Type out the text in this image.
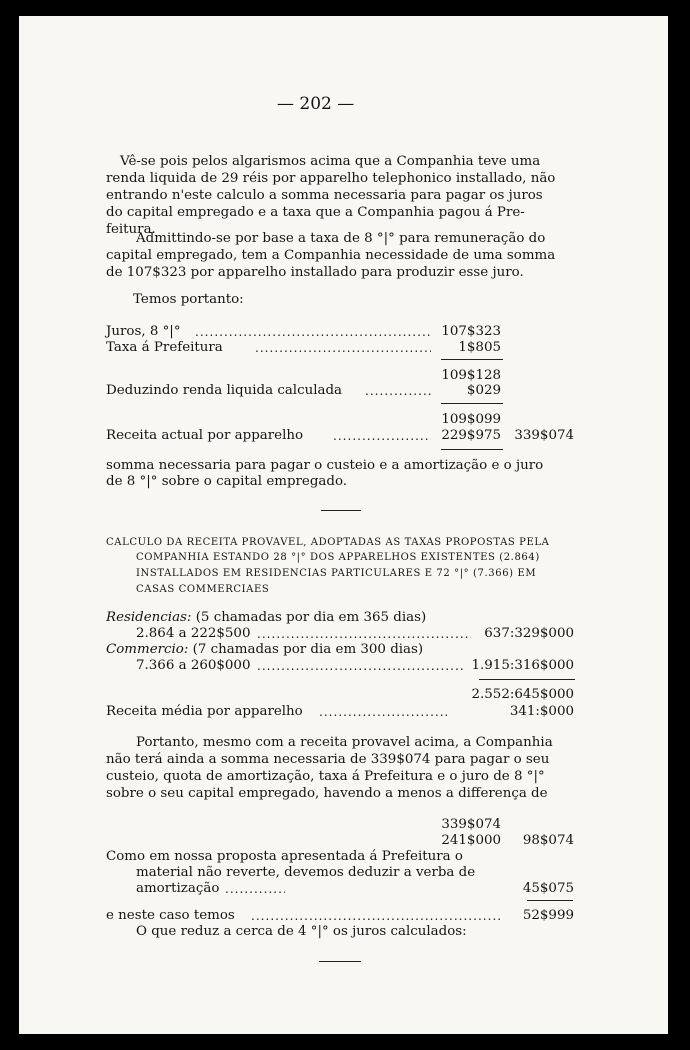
— 202 —
Vê-se pois pelos algarismos acima que a Companhia teve uma
renda liquida de 29 réis por apparelho telephonico installado, não
entrando n'este calculo a somma necessaria para pagar os juros
do capital empregado e a taxa que a Companhia pagou á Pre-
feitura.
Admittindo-se por base a taxa de 8 °|° para remuneração do
capital empregado, tem a Companhia necessidade de uma somma
de 107$323 por apparelho installado para produzir esse juro.
Temos portanto:
Juros, 8 °|° . . .	107$323
Taxa á Prefeitura . . .	1$805
109$128
Deduzindo renda liquida calculada . . .	$029
109$099
Receita actual por apparelho . . .	229$975 339$074
somma necessaria para pagar o custeio e a amortização e o juro
de 8 °|° sobre o capital empregado.
CALCULO DA RECEITA PROVAVEL, ADOPTADAS AS TAXAS PROPOSTAS PELA
COMPANHIA ESTANDO 28 °|° DOS APPARELHOS EXISTENTES (2.864)
INSTALLADOS EM RESIDENCIAS PARTICULARES E 72 °|° (7.366) EM
CASAS COMMERCIAES
Residencias: (5 chamadas por dia em 365 dias)
2.864 a 222$500 . . .	637:329$000
Commercio: (7 chamadas por dia em 300 dias)
7.366 a 260$000 . . .	1.915:316$000
2.552:645$000
Receita média por apparelho . . .	341:$000
Portanto, mesmo com a receita provavel acima, a Companhia
não terá ainda a somma necessaria de 339$074 para pagar o seu
custeio, quota de amortização, taxa á Prefeitura e o juro de 8 °|°
sobre o seu capital empregado, havendo a menos a differença de
339$074
241$000	98$074
Como em nossa proposta apresentada á Prefeitura o
material não reverte, devemos deduzir a verba de
amortização . . .	45$075
e neste caso temos . . .	52$999
O que reduz a cerca de 4 °|° os juros calculados:
